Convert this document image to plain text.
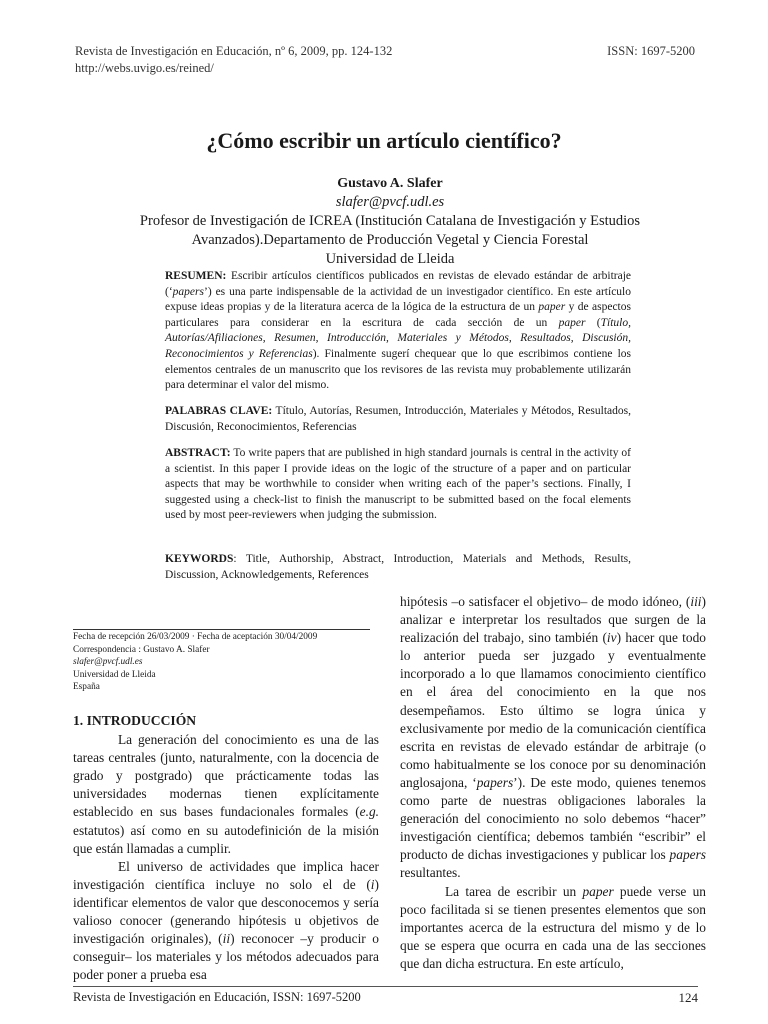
Revista de Investigación en Educación, nº 6, 2009, pp. 124-132
http://webs.uvigo.es/reined/
ISSN: 1697-5200
¿Cómo escribir un artículo científico?
Gustavo A. Slafer
slafer@pvcf.udl.es
Profesor de Investigación de ICREA (Institución Catalana de Investigación y Estudios
Avanzados).Departamento de Producción Vegetal y Ciencia Forestal
Universidad de Lleida
RESUMEN: Escribir artículos científicos publicados en revistas de elevado estándar de arbitraje (‘papers’) es una parte indispensable de la actividad de un investigador científico. En este artículo expuse ideas propias y de la literatura acerca de la lógica de la estructura de un paper y de aspectos particulares para considerar en la escritura de cada sección de un paper (Título, Autorías/Afiliaciones, Resumen, Introducción, Materiales y Métodos, Resultados, Discusión, Reconocimientos y Referencias). Finalmente sugerí chequear que lo que escribimos contiene los elementos centrales de un manuscrito que los revisores de las revista muy probablemente utilizarán para determinar el valor del mismo.
PALABRAS CLAVE: Título, Autorías, Resumen, Introducción, Materiales y Métodos, Resultados, Discusión, Reconocimientos, Referencias
ABSTRACT: To write papers that are published in high standard journals is central in the activity of a scientist. In this paper I provide ideas on the logic of the structure of a paper and on particular aspects that may be worthwhile to consider when writing each of the paper’s sections. Finally, I suggested using a check-list to finish the manuscript to be submitted based on the focal elements used by most peer-reviewers when judging the submission.
KEYWORDS: Title, Authorship, Abstract, Introduction, Materials and Methods, Results, Discussion, Acknowledgements, References
Fecha de recepción 26/03/2009 · Fecha de aceptación 30/04/2009
Correspondencia : Gustavo A. Slafer
slafer@pvcf.udl.es
Universidad de Lleida
España
1. INTRODUCCIÓN

La generación del conocimiento es una de las tareas centrales (junto, naturalmente, con la docencia de grado y postgrado) que prácticamente todas las universidades modernas tienen explícitamente establecido en sus bases fundacionales formales (e.g. estatutos) así como en su autodefinición de la misión que están llamadas a cumplir.

El universo de actividades que implica hacer investigación científica incluye no solo el de (i) identificar elementos de valor que desconocemos y sería valioso conocer (generando hipótesis u objetivos de investigación originales), (ii) reconocer –y producir o conseguir– los materiales y los métodos adecuados para poder poner a prueba esa

hipótesis –o satisfacer el objetivo– de modo idóneo, (iii) analizar e interpretar los resultados que surgen de la realización del trabajo, sino también (iv) hacer que todo lo anterior pueda ser juzgado y eventualmente incorporado a lo que llamamos conocimiento científico en el área del conocimiento en la que nos desempeñamos. Esto último se logra única y exclusivamente por medio de la comunicación científica escrita en revistas de elevado estándar de arbitraje (o como habitualmente se los conoce por su denominación anglosajona, ‘papers’). De este modo, quienes tenemos como parte de nuestras obligaciones laborales la generación del conocimiento no solo debemos “hacer” investigación científica; debemos también “escribir” el producto de dichas investigaciones y publicar los papers resultantes.

La tarea de escribir un paper puede verse un poco facilitada si se tienen presentes elementos que son importantes acerca de la estructura del mismo y de lo que se espera que ocurra en cada una de las secciones que dan dicha estructura. En este artículo,

Revista de Investigación en Educación, ISSN: 1697-5200	124
